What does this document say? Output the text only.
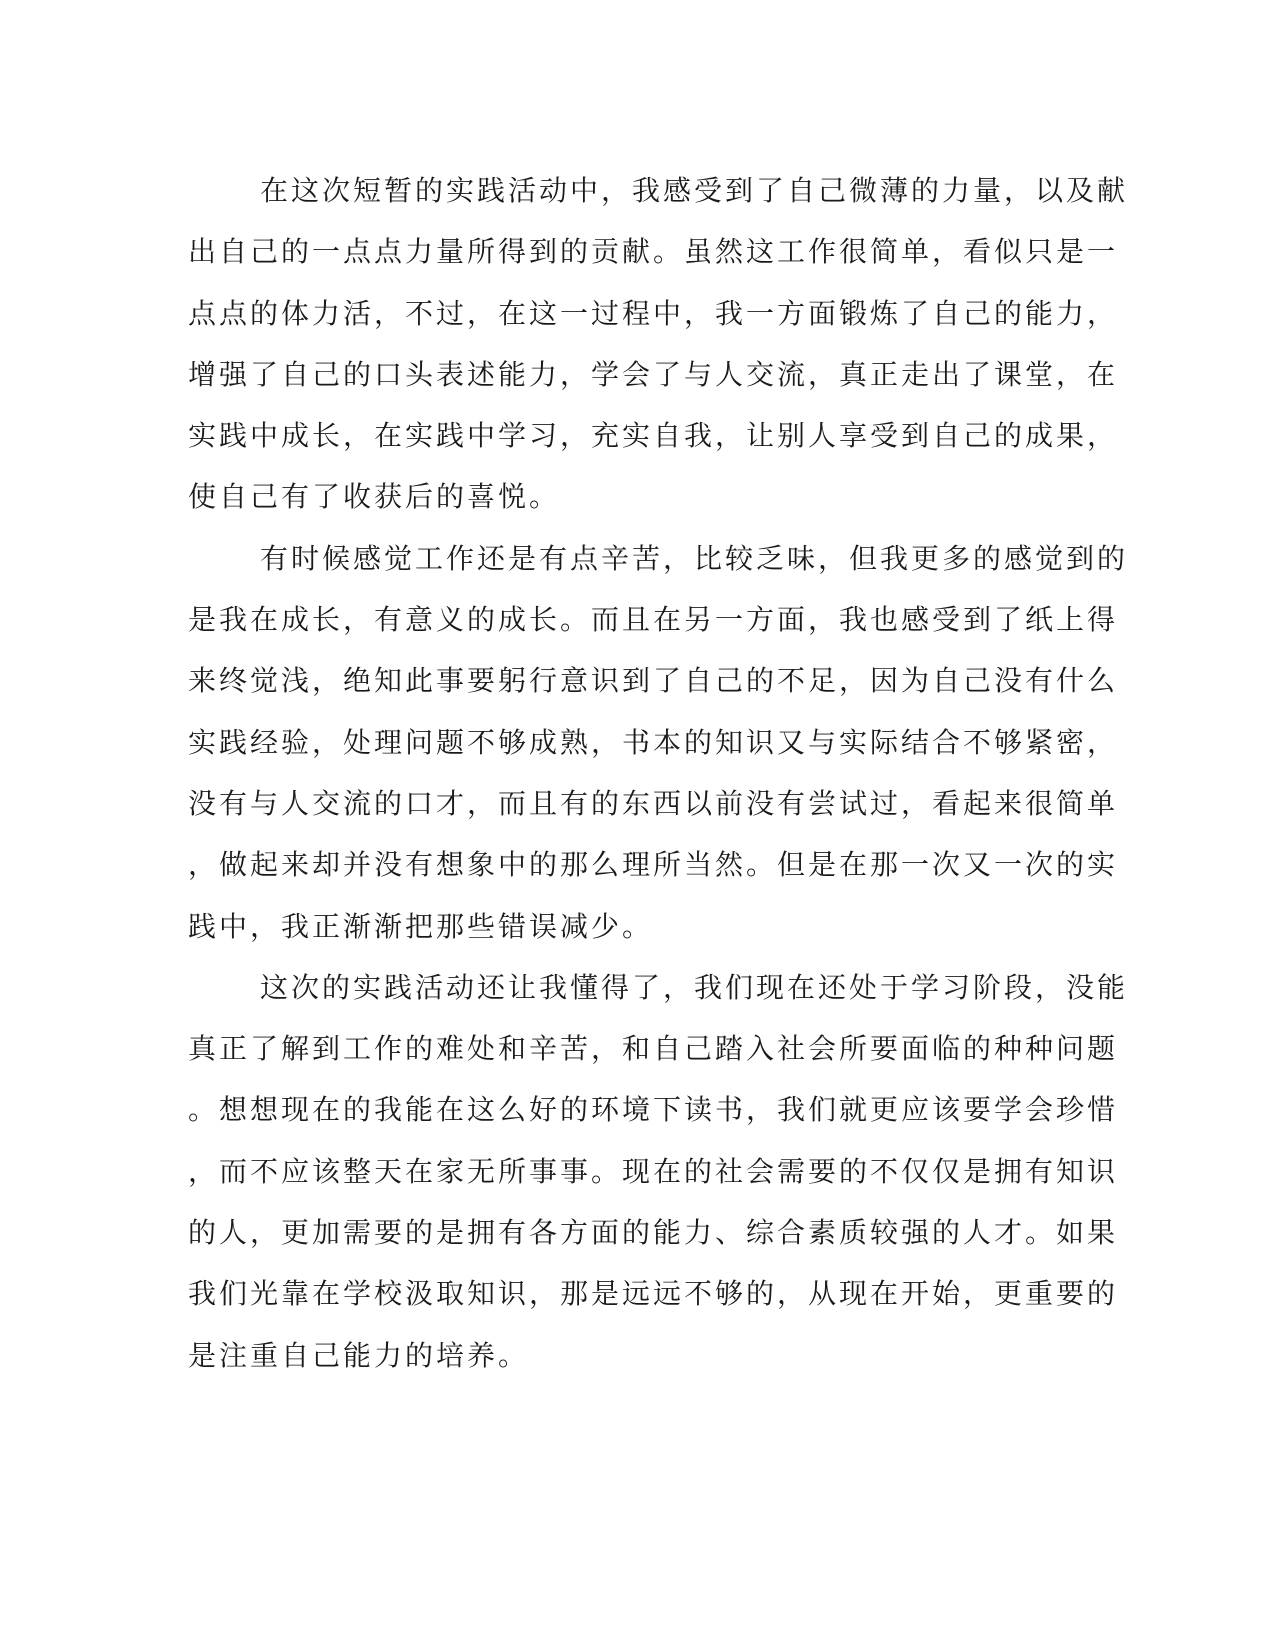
在这次短暂的实践活动中，我感受到了自己微薄的力量，以及献
出自己的一点点力量所得到的贡献。虽然这工作很简单，看似只是一
点点的体力活，不过，在这一过程中，我一方面锻炼了自己的能力，
增强了自己的口头表述能力，学会了与人交流，真正走出了课堂，在
实践中成长，在实践中学习，充实自我，让别人享受到自己的成果，
使自己有了收获后的喜悦。
有时候感觉工作还是有点辛苦，比较乏味，但我更多的感觉到的
是我在成长，有意义的成长。而且在另一方面，我也感受到了纸上得
来终觉浅，绝知此事要躬行意识到了自己的不足，因为自己没有什么
实践经验，处理问题不够成熟，书本的知识又与实际结合不够紧密，
没有与人交流的口才，而且有的东西以前没有尝试过，看起来很简单
，做起来却并没有想象中的那么理所当然。但是在那一次又一次的实
践中，我正渐渐把那些错误减少。
这次的实践活动还让我懂得了，我们现在还处于学习阶段，没能
真正了解到工作的难处和辛苦，和自己踏入社会所要面临的种种问题
。想想现在的我能在这么好的环境下读书，我们就更应该要学会珍惜
，而不应该整天在家无所事事。现在的社会需要的不仅仅是拥有知识
的人，更加需要的是拥有各方面的能力、综合素质较强的人才。如果
我们光靠在学校汲取知识，那是远远不够的，从现在开始，更重要的
是注重自己能力的培养。
